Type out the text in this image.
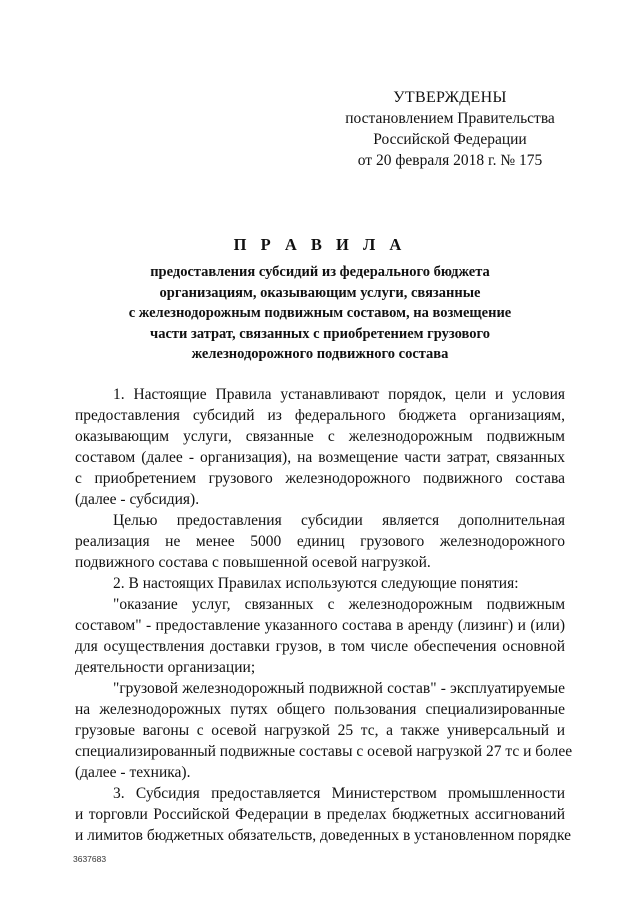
УТВЕРЖДЕНЫ
постановлением Правительства
Российской Федерации
от 20 февраля 2018 г. № 175
П Р А В И Л А
предоставления субсидий из федерального бюджета
организациям, оказывающим услуги, связанные
с железнодорожным подвижным составом, на возмещение
части затрат, связанных с приобретением грузового
железнодорожного подвижного состава
1. Настоящие Правила устанавливают порядок, цели и условия
предоставления субсидий из федерального бюджета организациям,
оказывающим услуги, связанные с железнодорожным подвижным
составом (далее - организация), на возмещение части затрат, связанных
с приобретением грузового железнодорожного подвижного состава
(далее - субсидия).
Целью предоставления субсидии является дополнительная
реализация не менее 5000 единиц грузового железнодорожного
подвижного состава с повышенной осевой нагрузкой.
2. В настоящих Правилах используются следующие понятия:
"оказание услуг, связанных с железнодорожным подвижным
составом" - предоставление указанного состава в аренду (лизинг) и (или)
для осуществления доставки грузов, в том числе обеспечения основной
деятельности организации;
"грузовой железнодорожный подвижной состав" - эксплуатируемые
на железнодорожных путях общего пользования специализированные
грузовые вагоны с осевой нагрузкой 25 тс, а также универсальный и
специализированный подвижные составы с осевой нагрузкой 27 тс и более
(далее - техника).
3. Субсидия предоставляется Министерством промышленности
и торговли Российской Федерации в пределах бюджетных ассигнований
и лимитов бюджетных обязательств, доведенных в установленном порядке
3637683
